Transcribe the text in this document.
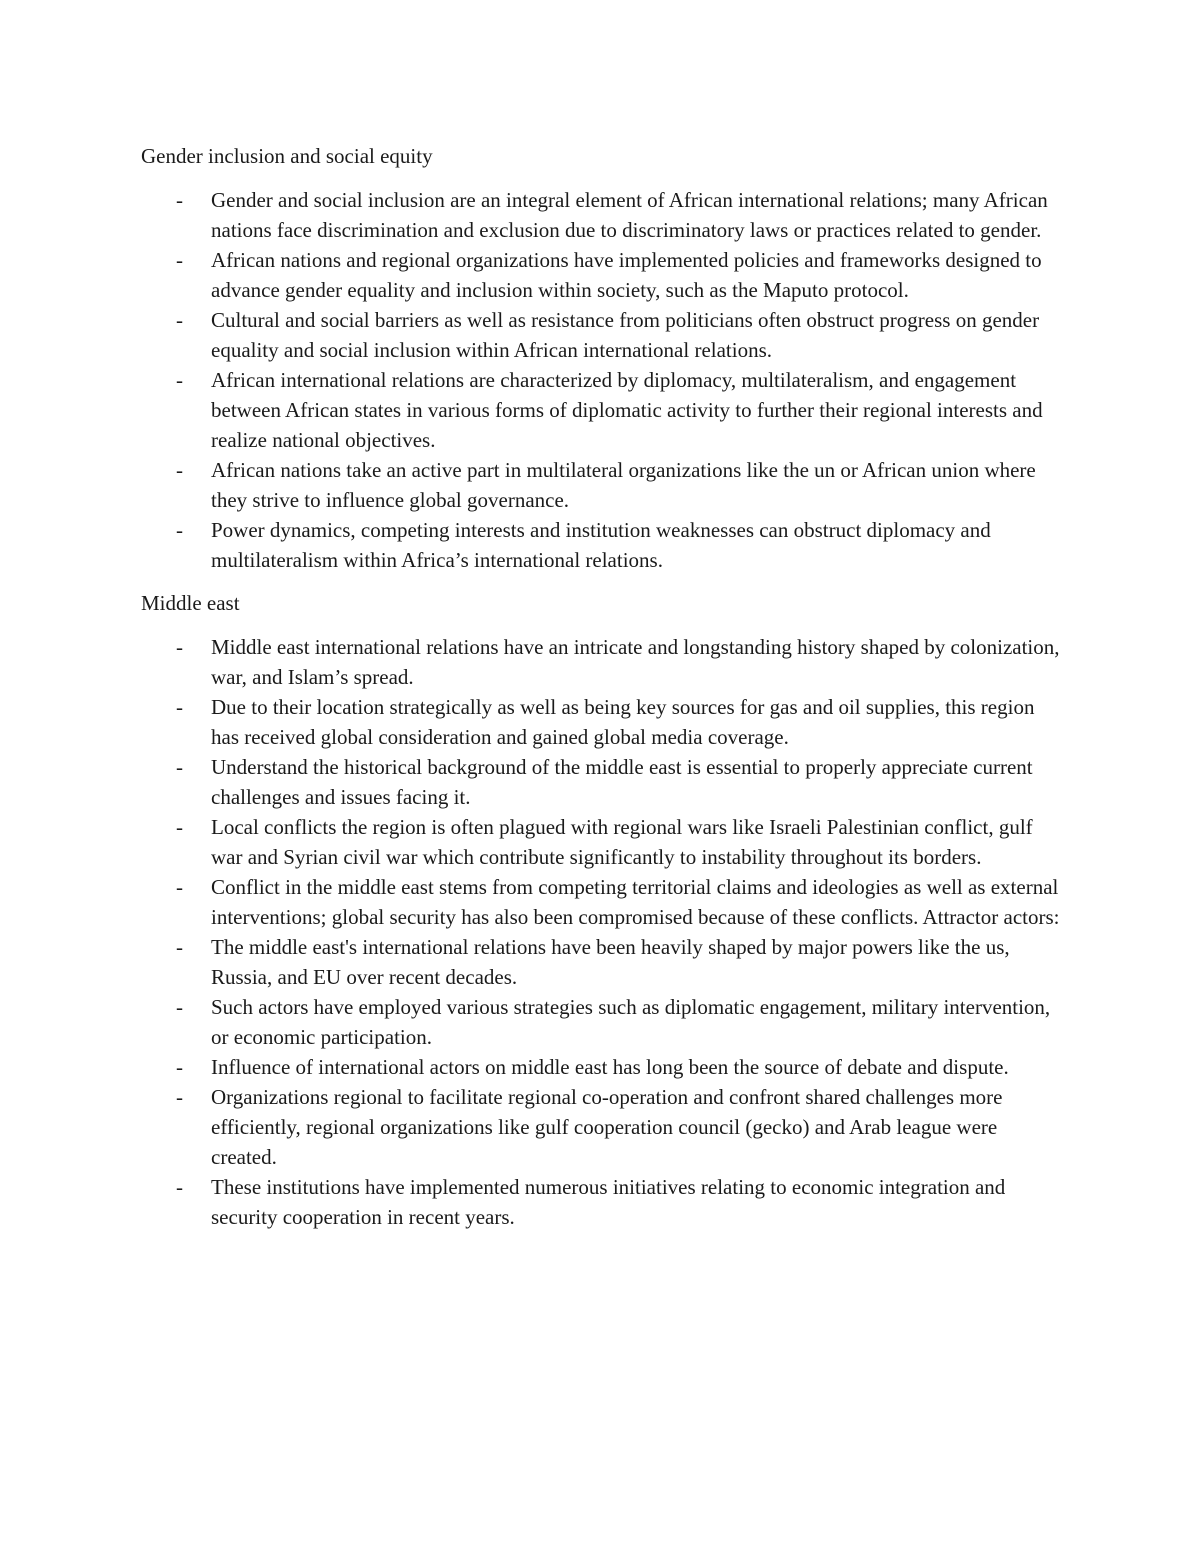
Gender inclusion and social equity

- Gender and social inclusion are an integral element of African international relations; many African nations face discrimination and exclusion due to discriminatory laws or practices related to gender.
- African nations and regional organizations have implemented policies and frameworks designed to advance gender equality and inclusion within society, such as the Maputo protocol.
- Cultural and social barriers as well as resistance from politicians often obstruct progress on gender equality and social inclusion within African international relations.
- African international relations are characterized by diplomacy, multilateralism, and engagement between African states in various forms of diplomatic activity to further their regional interests and realize national objectives.
- African nations take an active part in multilateral organizations like the un or African union where they strive to influence global governance.
- Power dynamics, competing interests and institution weaknesses can obstruct diplomacy and multilateralism within Africa’s international relations.

Middle east

- Middle east international relations have an intricate and longstanding history shaped by colonization, war, and Islam’s spread.
- Due to their location strategically as well as being key sources for gas and oil supplies, this region has received global consideration and gained global media coverage.
- Understand the historical background of the middle east is essential to properly appreciate current challenges and issues facing it.
- Local conflicts the region is often plagued with regional wars like Israeli Palestinian conflict, gulf war and Syrian civil war which contribute significantly to instability throughout its borders.
- Conflict in the middle east stems from competing territorial claims and ideologies as well as external interventions; global security has also been compromised because of these conflicts. Attractor actors:
- The middle east's international relations have been heavily shaped by major powers like the us, Russia, and EU over recent decades.
- Such actors have employed various strategies such as diplomatic engagement, military intervention, or economic participation.
- Influence of international actors on middle east has long been the source of debate and dispute.
- Organizations regional to facilitate regional co-operation and confront shared challenges more efficiently, regional organizations like gulf cooperation council (gecko) and Arab league were created.
- These institutions have implemented numerous initiatives relating to economic integration and security cooperation in recent years.
